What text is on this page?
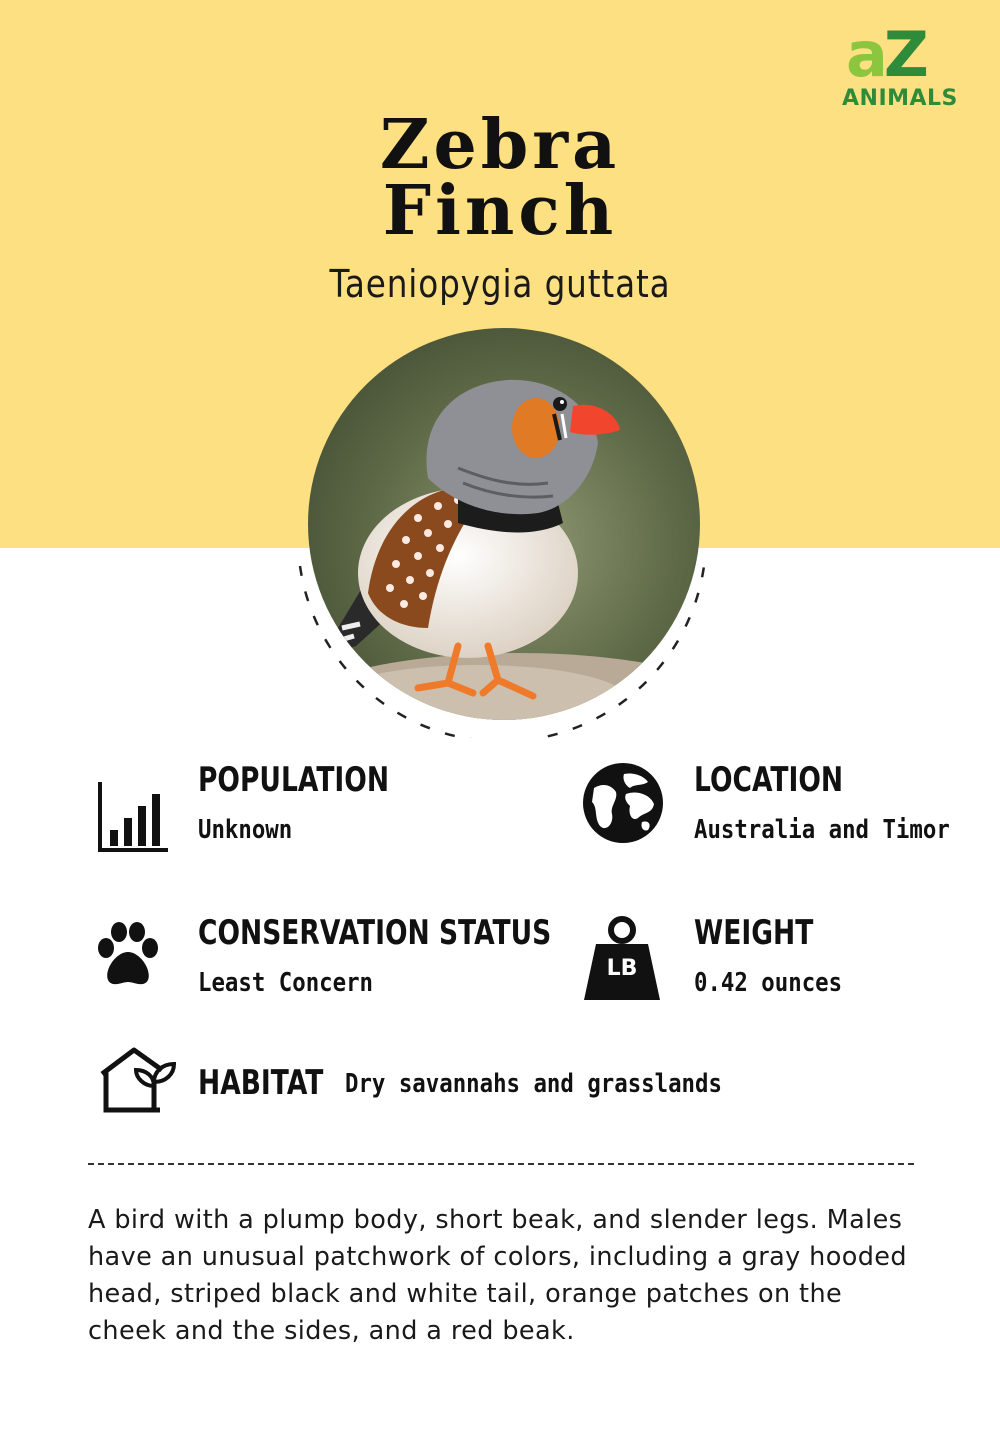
aZ
ANIMALS
Zebra
Finch
Taeniopygia guttata
POPULATION
Unknown
LOCATION
Australia and Timor
CONSERVATION STATUS
Least Concern	LB
WEIGHT
0.42 ounces
HABITAT Dry savannahs and grasslands
A bird with a plump body, short beak, and slender legs. Males have an unusual patchwork of colors, including a gray hooded head, striped black and white tail, orange patches on the cheek and the sides, and a red beak.
